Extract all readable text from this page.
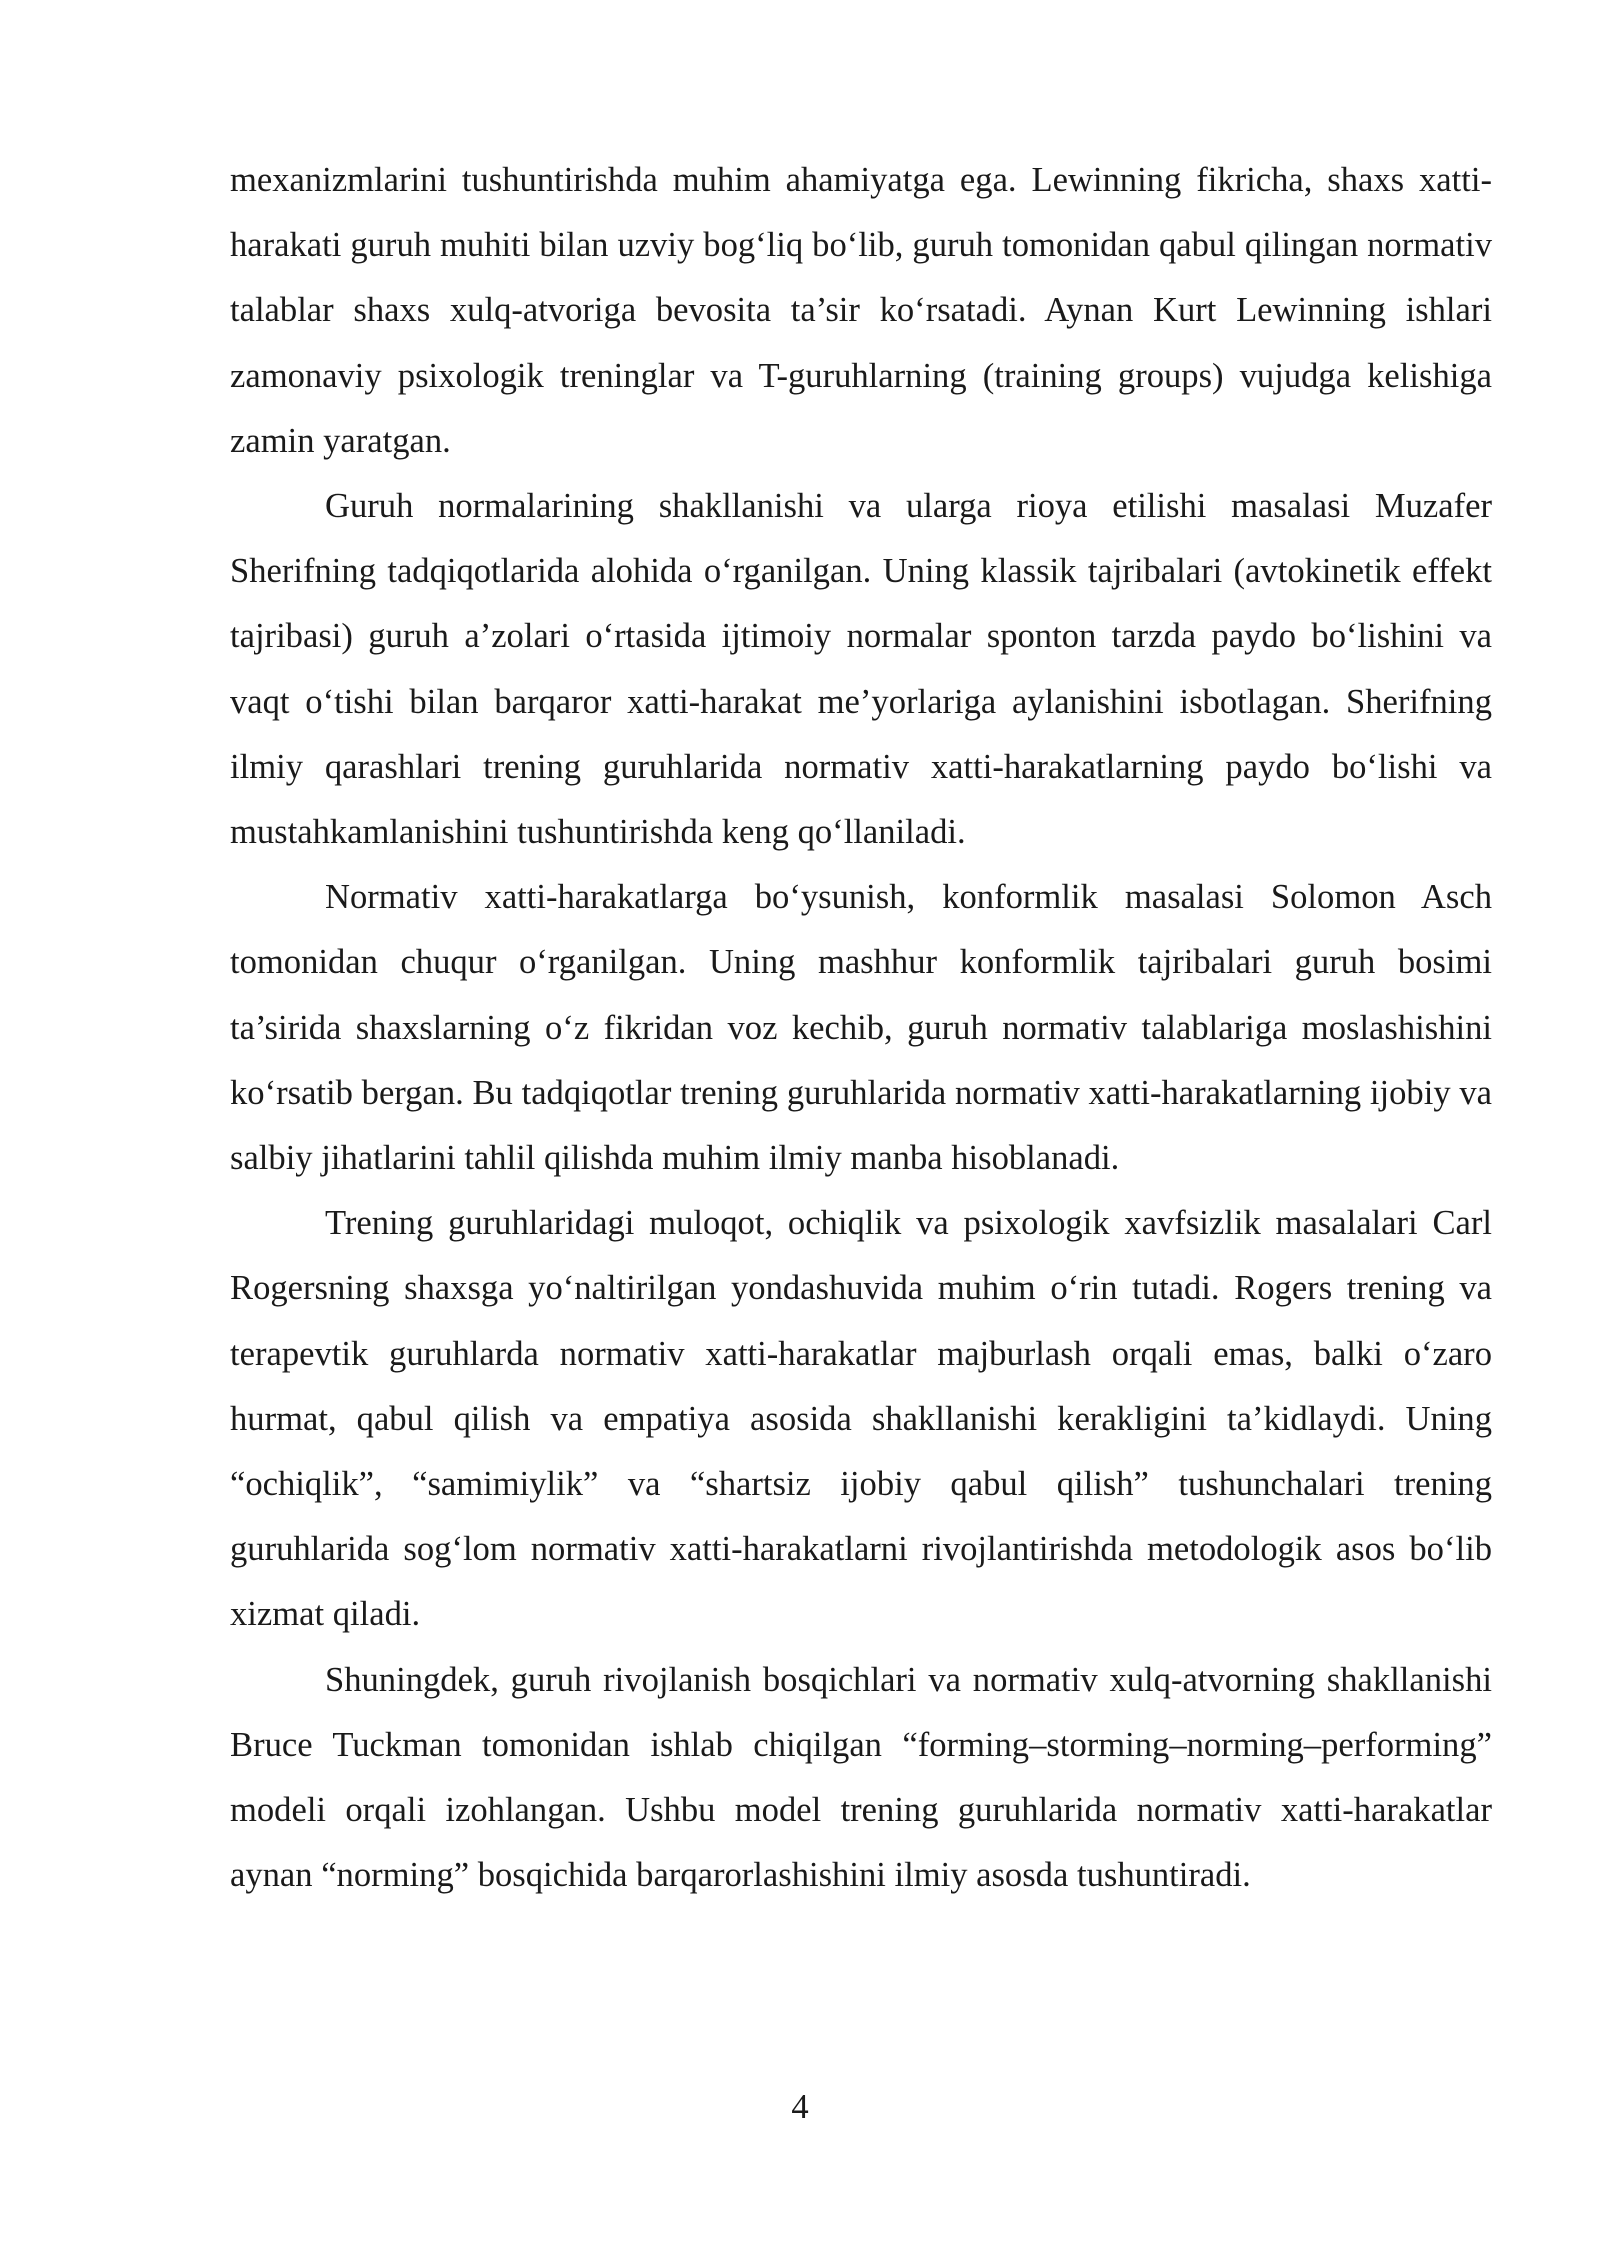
mexanizmlarini tushuntirishda muhim ahamiyatga ega. Lewinning fikricha, shaxs xatti-harakati guruh muhiti bilan uzviy bog‘liq bo‘lib, guruh tomonidan qabul qilingan normativ talablar shaxs xulq-atvoriga bevosita ta’sir ko‘rsatadi. Aynan Kurt Lewinning ishlari zamonaviy psixologik treninglar va T-guruhlarning (training groups) vujudga kelishiga zamin yaratgan.

Guruh normalarining shakllanishi va ularga rioya etilishi masalasi Muzafer Sherifning tadqiqotlarida alohida o‘rganilgan. Uning klassik tajribalari (avtokinetik effekt tajribasi) guruh a’zolari o‘rtasida ijtimoiy normalar sponton tarzda paydo bo‘lishini va vaqt o‘tishi bilan barqaror xatti-harakat me’yorlariga aylanishini isbotlagan. Sherifning ilmiy qarashlari trening guruhlarida normativ xatti-harakatlarning paydo bo‘lishi va mustahkamlanishini tushuntirishda keng qo‘llaniladi.

Normativ xatti-harakatlarga bo‘ysunish, konformlik masalasi Solomon Asch tomonidan chuqur o‘rganilgan. Uning mashhur konformlik tajribalari guruh bosimi ta’sirida shaxslarning o‘z fikridan voz kechib, guruh normativ talablariga moslashishini ko‘rsatib bergan. Bu tadqiqotlar trening guruhlarida normativ xatti-harakatlarning ijobiy va salbiy jihatlarini tahlil qilishda muhim ilmiy manba hisoblanadi.

Trening guruhlaridagi muloqot, ochiqlik va psixologik xavfsizlik masalalari Carl Rogersning shaxsga yo‘naltirilgan yondashuvida muhim o‘rin tutadi. Rogers trening va terapevtik guruhlarda normativ xatti-harakatlar majburlash orqali emas, balki o‘zaro hurmat, qabul qilish va empatiya asosida shakllanishi kerakligini ta’kidlaydi. Uning “ochiqlik”, “samimiylik” va “shartsiz ijobiy qabul qilish” tushunchalari trening guruhlarida sog‘lom normativ xatti-harakatlarni rivojlantirishda metodologik asos bo‘lib xizmat qiladi.

Shuningdek, guruh rivojlanish bosqichlari va normativ xulq-atvorning shakllanishi Bruce Tuckman tomonidan ishlab chiqilgan “forming–storming–norming–performing” modeli orqali izohlangan. Ushbu model trening guruhlarida normativ xatti-harakatlar aynan “norming” bosqichida barqarorlashishini ilmiy asosda tushuntiradi.

4
